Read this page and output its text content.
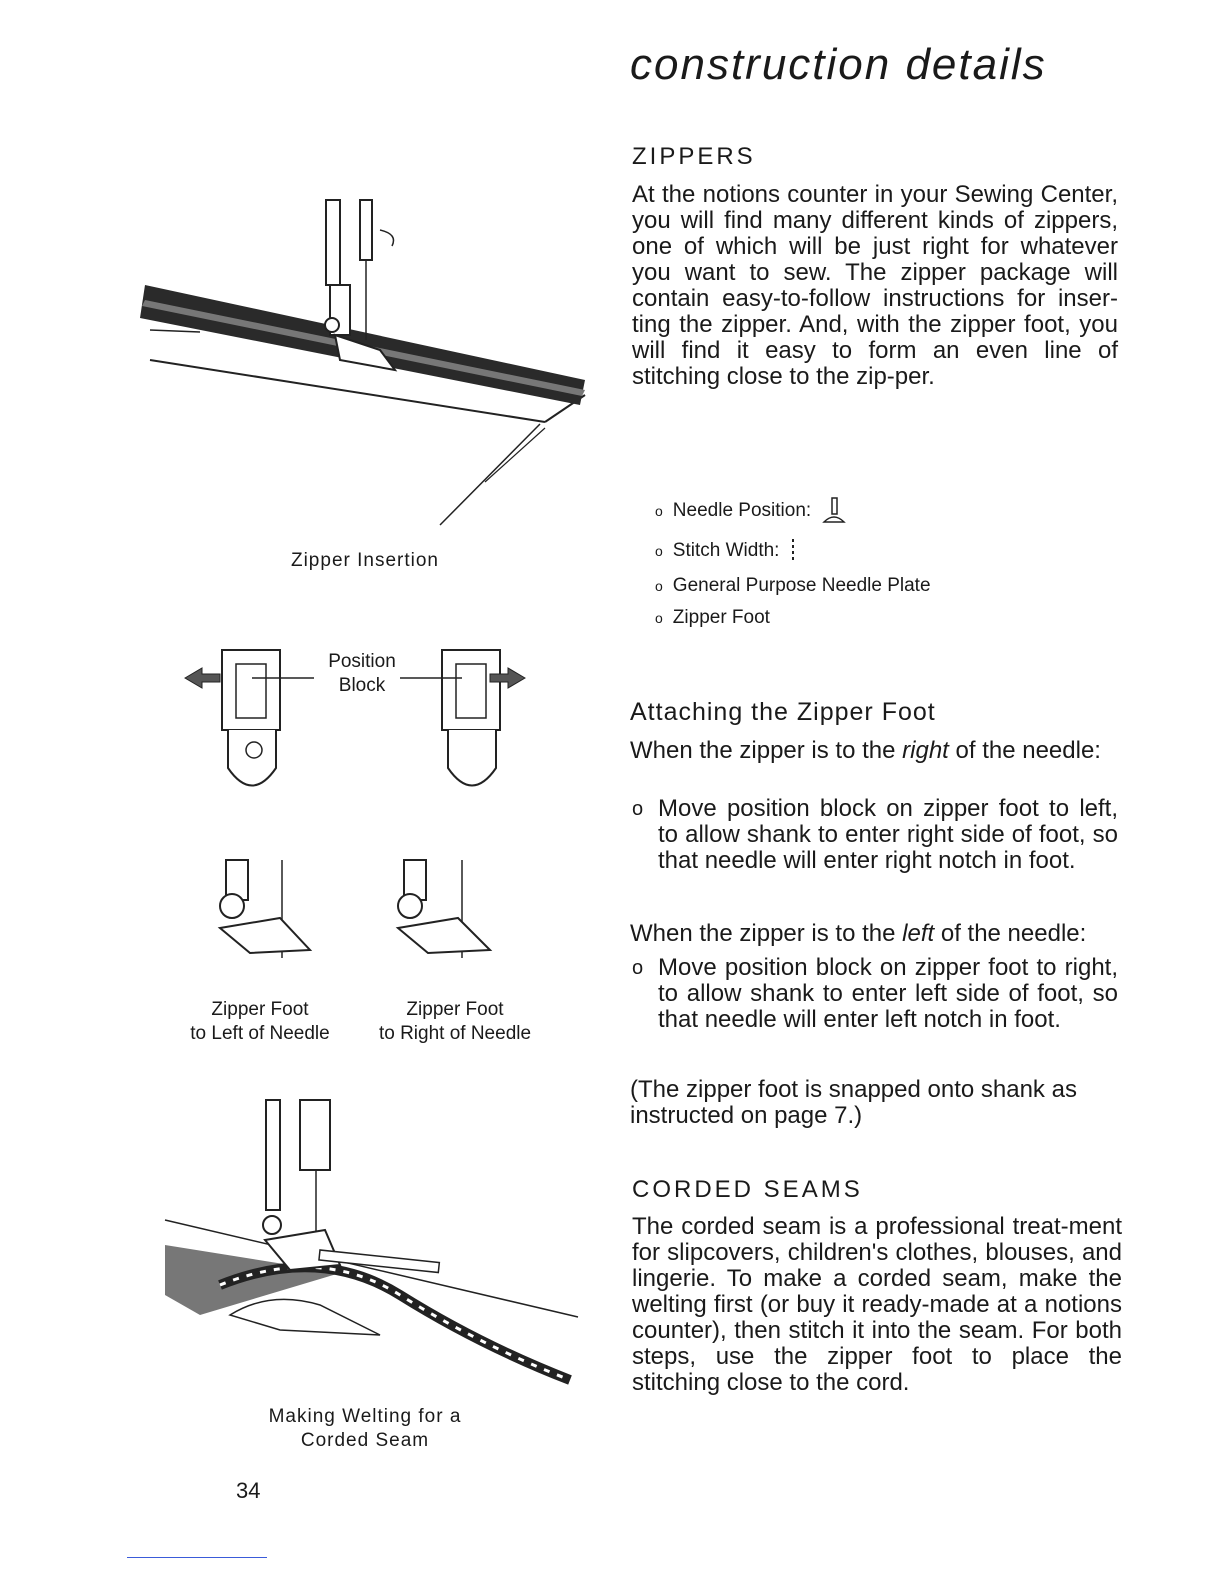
construction details
ZIPPERS

At the notions counter in your Sewing Center, you will find many different kinds of zippers, one of which will be just right for whatever you want to sew. The zipper package will contain easy-to-follow instructions for inser-ting the zipper. And, with the zipper foot, you will find it easy to form an even line of stitching close to the zip-per.

o Needle Position:
o Stitch Width:
o General Purpose Needle Plate
o Zipper Foot
Attaching the Zipper Foot
When the zipper is to the right of the needle:
o Move position block on zipper foot to left, to allow shank to enter right side of foot, so that needle will enter right notch in foot.
When the zipper is to the left of the needle:
o Move position block on zipper foot to right, to allow shank to enter left side of foot, so that needle will enter left notch in foot.

(The zipper foot is snapped onto shank as instructed on page 7.)

CORDED SEAMS

The corded seam is a professional treat-ment for slipcovers, children's clothes, blouses, and lingerie. To make a corded seam, make the welting first (or buy it ready-made at a notions counter), then stitch it into the seam. For both steps, use the zipper foot to place the stitching close to the cord.

Zipper Insertion
Position
Block
Zipper Foot
to Left of Needle
Zipper Foot
to Right of Needle
Making Welting for a
Corded Seam
34
